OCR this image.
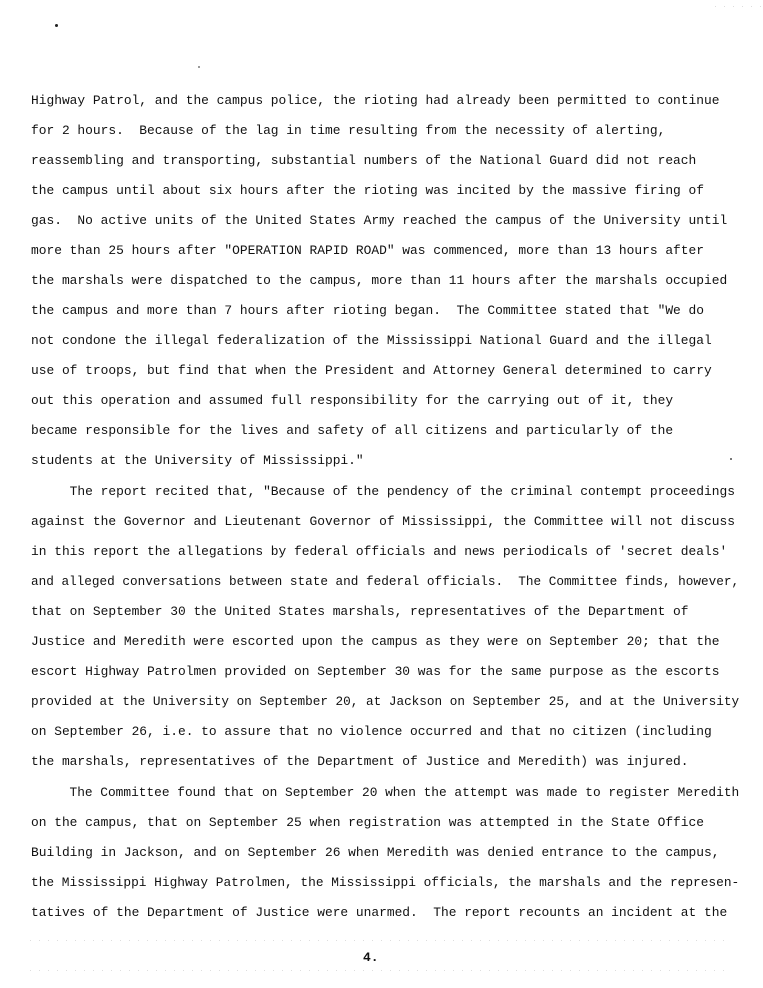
Highway Patrol, and the campus police, the rioting had already been permitted to continue
for 2 hours.  Because of the lag in time resulting from the necessity of alerting,
reassembling and transporting, substantial numbers of the National Guard did not reach
the campus until about six hours after the rioting was incited by the massive firing of
gas.  No active units of the United States Army reached the campus of the University until
more than 25 hours after "OPERATION RAPID ROAD" was commenced, more than 13 hours after
the marshals were dispatched to the campus, more than 11 hours after the marshals occupied
the campus and more than 7 hours after rioting began.  The Committee stated that "We do
not condone the illegal federalization of the Mississippi National Guard and the illegal
use of troops, but find that when the President and Attorney General determined to carry
out this operation and assumed full responsibility for the carrying out of it, they
became responsible for the lives and safety of all citizens and particularly of the
students at the University of Mississippi."
The report recited that, "Because of the pendency of the criminal contempt proceedings
against the Governor and Lieutenant Governor of Mississippi, the Committee will not discuss
in this report the allegations by federal officials and news periodicals of 'secret deals'
and alleged conversations between state and federal officials.  The Committee finds, however,
that on September 30 the United States marshals, representatives of the Department of
Justice and Meredith were escorted upon the campus as they were on September 20; that the
escort Highway Patrolmen provided on September 30 was for the same purpose as the escorts
provided at the University on September 20, at Jackson on September 25, and at the University
on September 26, i.e. to assure that no violence occurred and that no citizen (including
the marshals, representatives of the Department of Justice and Meredith) was injured.
The Committee found that on September 20 when the attempt was made to register Meredith
on the campus, that on September 25 when registration was attempted in the State Office
Building in Jackson, and on September 26 when Meredith was denied entrance to the campus,
the Mississippi Highway Patrolmen, the Mississippi officials, the marshals and the represen-
tatives of the Department of Justice were unarmed.  The report recounts an incident at the
4.
